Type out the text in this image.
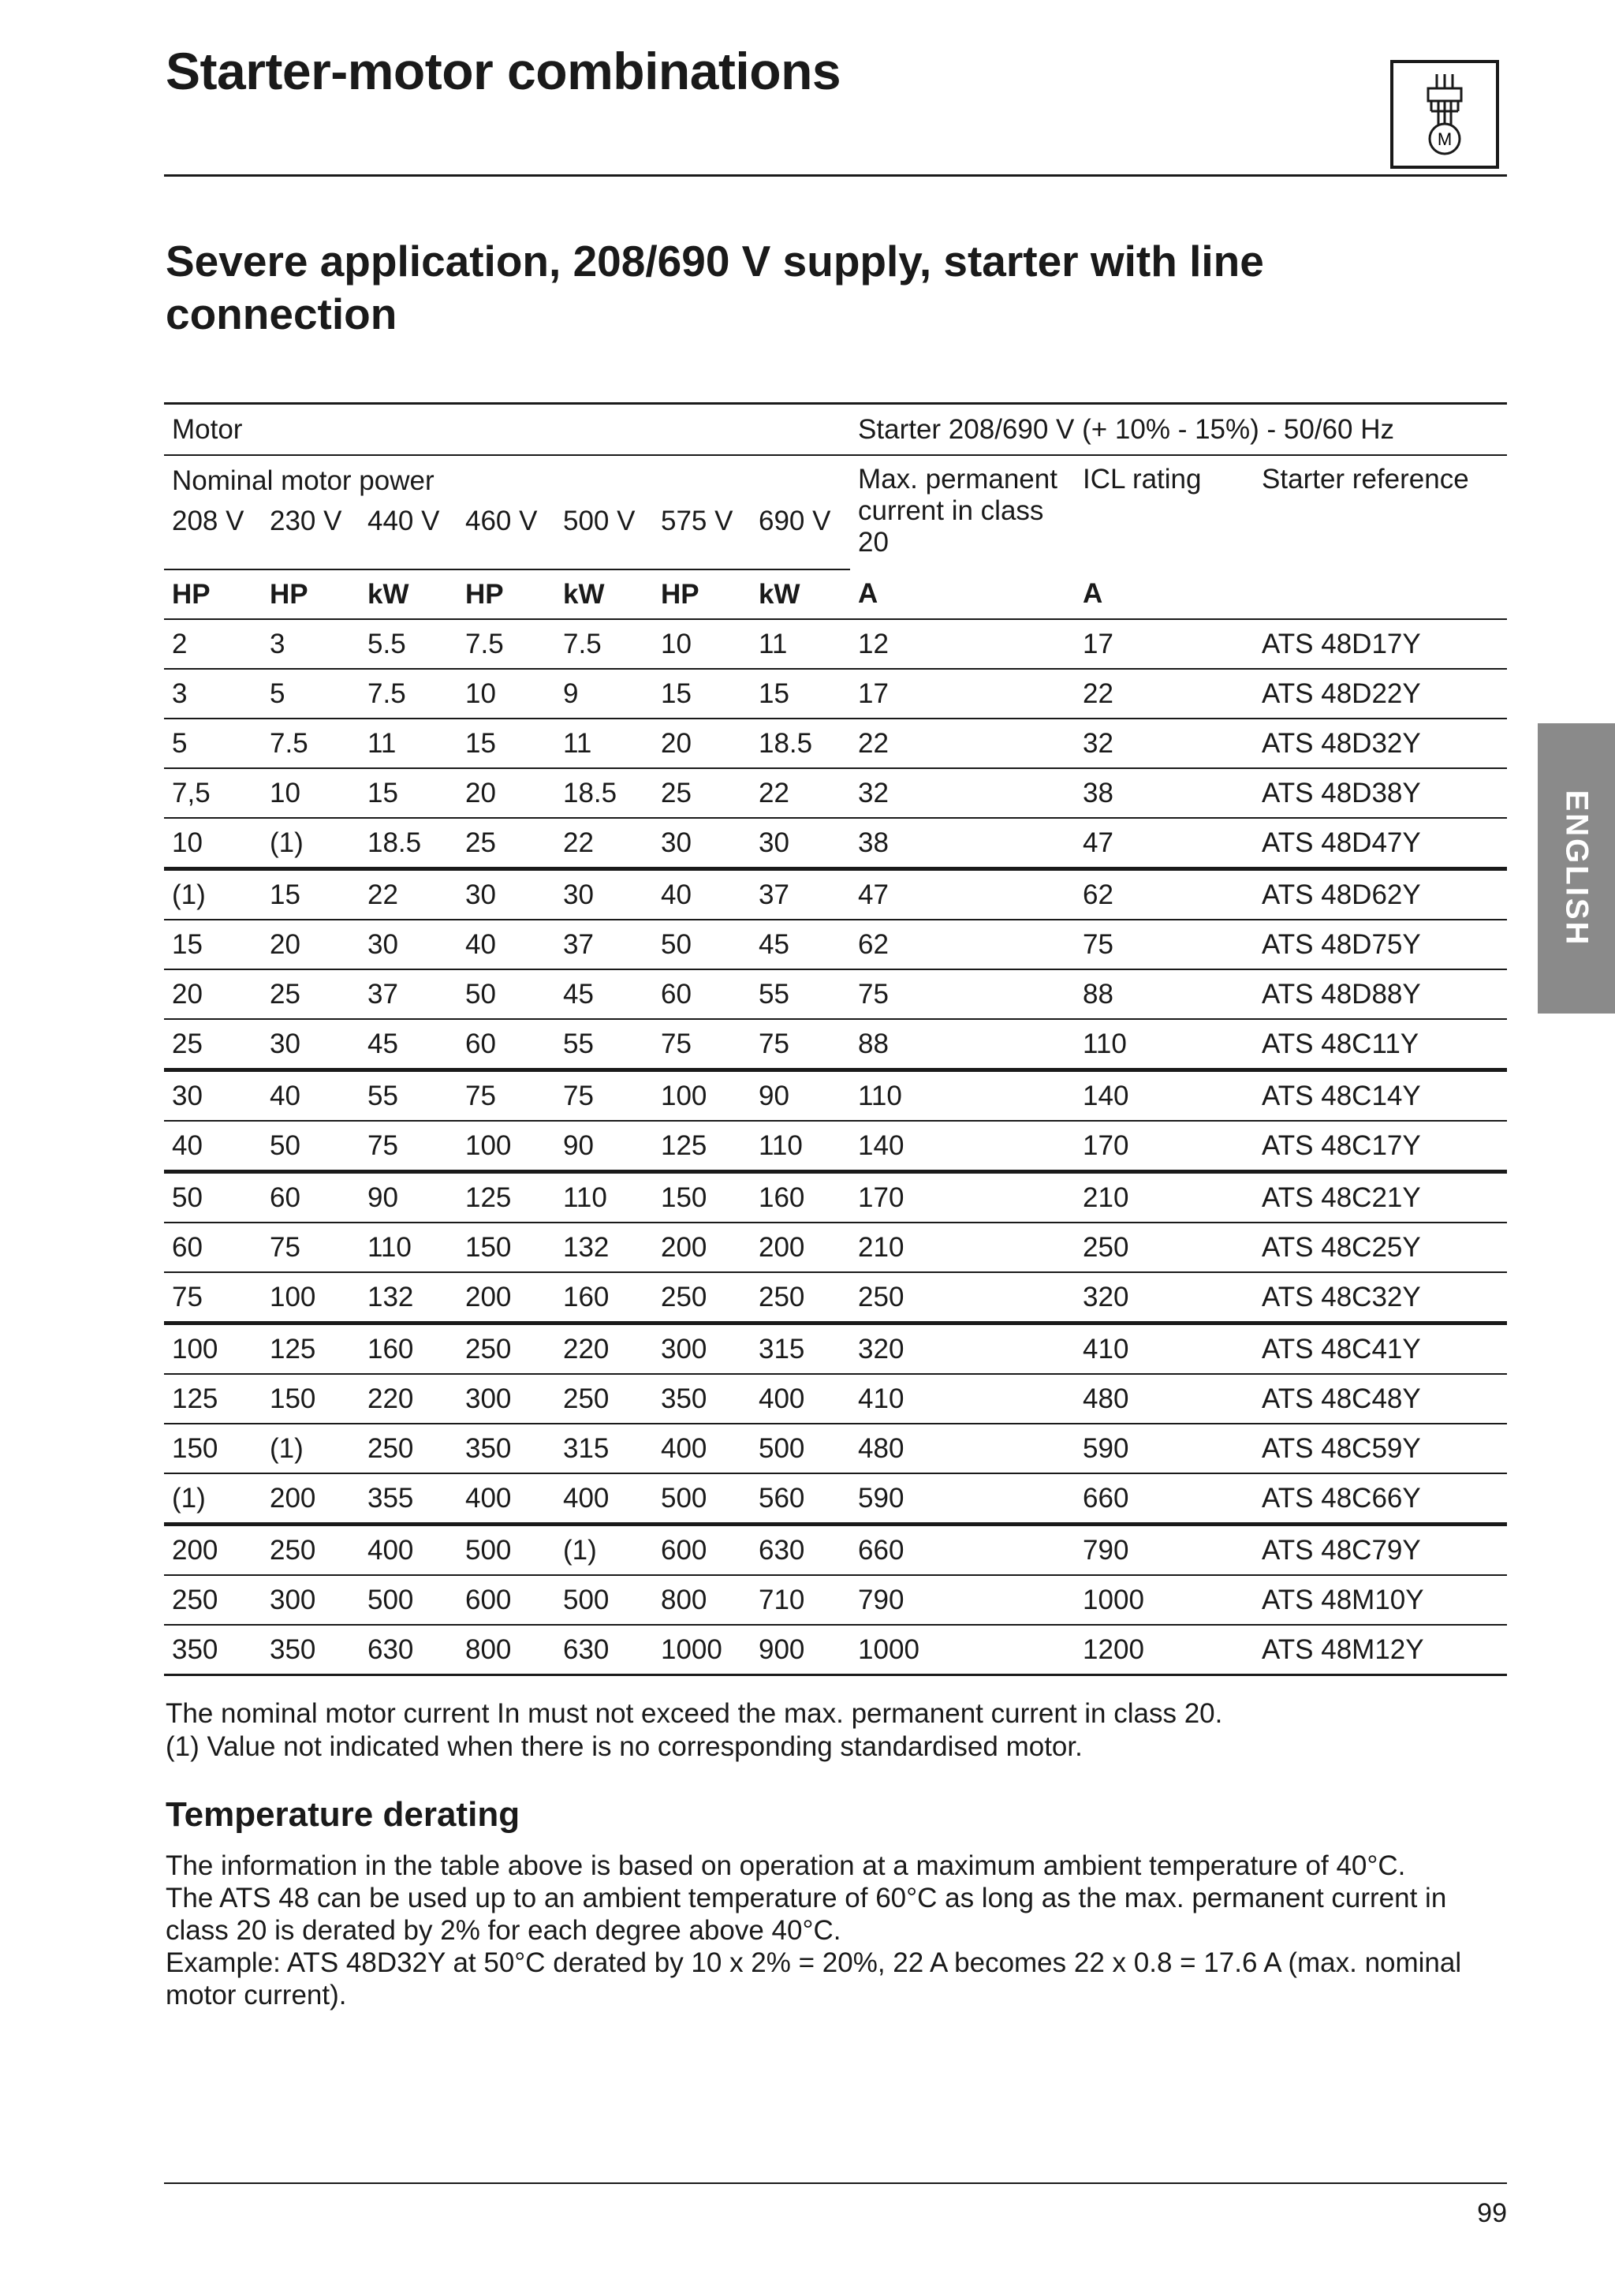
Starter-motor combinations
M
Severe application, 208/690 V supply, starter with line connection
ENGLISH
Motor							Starter 208/690 V (+ 10% - 15%) - 50/60 Hz		
Nominal motor power							Max. permanent current in class 20	ICL rating	Starter reference
208 V	230 V	440 V	460 V	500 V	575 V	690 V			
HP	HP	kW	HP	kW	HP	kW	A	A	
2	3	5.5	7.5	7.5	10	11	12	17	ATS 48D17Y
3	5	7.5	10	9	15	15	17	22	ATS 48D22Y
5	7.5	11	15	11	20	18.5	22	32	ATS 48D32Y
7,5	10	15	20	18.5	25	22	32	38	ATS 48D38Y
10	(1)	18.5	25	22	30	30	38	47	ATS 48D47Y
(1)	15	22	30	30	40	37	47	62	ATS 48D62Y
15	20	30	40	37	50	45	62	75	ATS 48D75Y
20	25	37	50	45	60	55	75	88	ATS 48D88Y
25	30	45	60	55	75	75	88	110	ATS 48C11Y
30	40	55	75	75	100	90	110	140	ATS 48C14Y
40	50	75	100	90	125	110	140	170	ATS 48C17Y
50	60	90	125	110	150	160	170	210	ATS 48C21Y
60	75	110	150	132	200	200	210	250	ATS 48C25Y
75	100	132	200	160	250	250	250	320	ATS 48C32Y
100	125	160	250	220	300	315	320	410	ATS 48C41Y
125	150	220	300	250	350	400	410	480	ATS 48C48Y
150	(1)	250	350	315	400	500	480	590	ATS 48C59Y
(1)	200	355	400	400	500	560	590	660	ATS 48C66Y
200	250	400	500	(1)	600	630	660	790	ATS 48C79Y
250	300	500	600	500	800	710	790	1000	ATS 48M10Y
350	350	630	800	630	1000	900	1000	1200	ATS 48M12Y
The nominal motor current In must not exceed the max. permanent current in class 20.
(1) Value not indicated when there is no corresponding standardised motor.
Temperature derating
The information in the table above is based on operation at a maximum ambient temperature of 40°C.
The ATS 48 can be used up to an ambient temperature of 60°C as long as the max. permanent current in class 20 is derated by 2% for each degree above 40°C.
Example: ATS 48D32Y at 50°C derated by 10 x 2% = 20%, 22 A becomes 22 x 0.8 = 17.6 A (max. nominal motor current).
99
